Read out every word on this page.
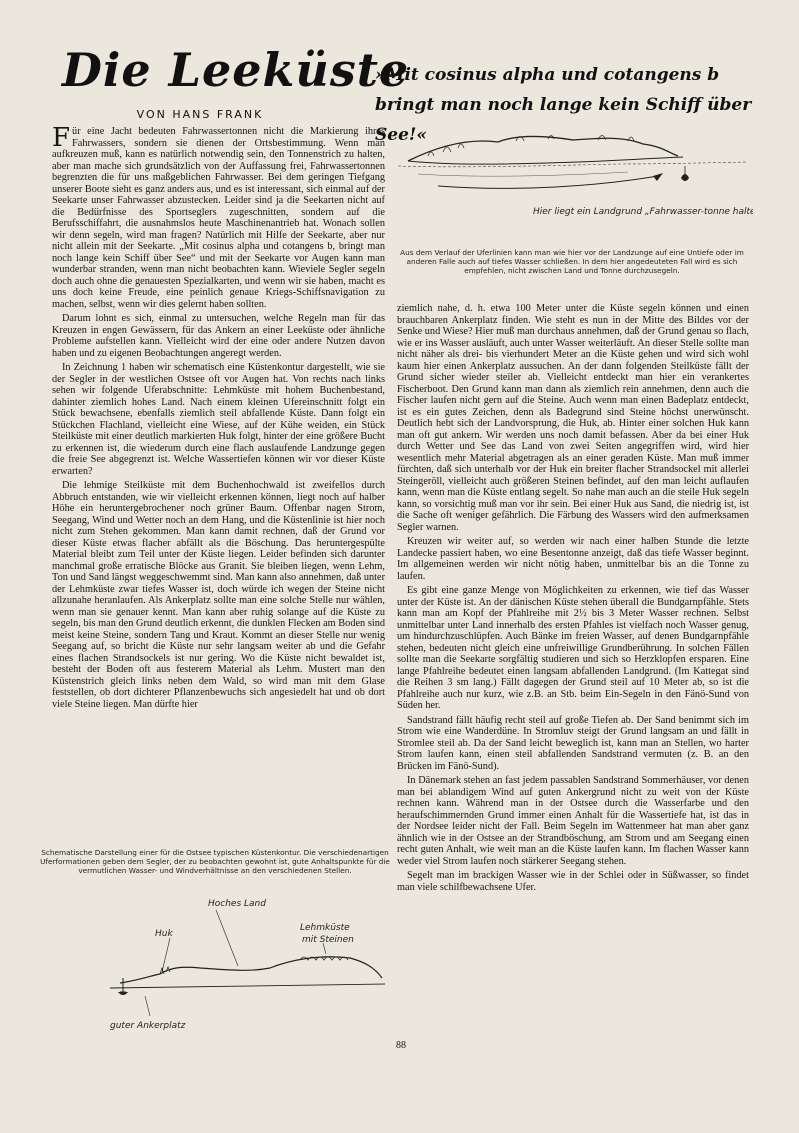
Die Leeküste
»Mit cosinus alpha und cotangens b bringt man noch lange kein Schiff über See!«
VON HANS FRANK

Für eine Jacht bedeuten Fahrwassertonnen nicht die Markierung ihres Fahrwassers, sondern sie dienen der Ortsbestimmung. Wenn man aufkreuzen muß, kann es natürlich notwendig sein, den Tonnenstrich zu halten, aber man mache sich grundsätzlich von der Auffassung frei, Fahrwassertonnen begrenzten die für uns maßgeblichen Fahrwasser. Bei dem geringen Tiefgang unserer Boote sieht es ganz anders aus, und es ist interessant, sich einmal auf der Seekarte unser Fahrwasser abzustecken. Leider sind ja die Seekarten nicht auf die Bedürfnisse des Sportseglers zugeschnitten, sondern auf die Berufsschiffahrt, die ausnahmslos heute Maschinenantrieb hat. Wonach sollen wir denn segeln, wird man fragen? Natürlich mit Hilfe der Seekarte, aber nur nicht allein mit der Seekarte. „Mit cosinus alpha und cotangens b, bringt man noch lange kein Schiff über See“ und mit der Seekarte vor Augen kann man wunderbar stranden, wenn man nicht beobachten kann. Wieviele Segler segeln doch auch ohne die genauesten Spezialkarten, und wenn wir sie haben, macht es uns doch keine Freude, eine peinlich genaue Kriegs-Schiffsnavigation zu machen, selbst, wenn wir dies gelernt haben sollten.

Darum lohnt es sich, einmal zu untersuchen, welche Regeln man für das Kreuzen in engen Gewässern, für das Ankern an einer Leeküste oder ähnliche Probleme aufstellen kann. Vielleicht wird der eine oder andere Nutzen davon haben und zu eigenen Beobachtungen angeregt werden.

In Zeichnung 1 haben wir schematisch eine Küstenkontur dargestellt, wie sie der Segler in der westlichen Ostsee oft vor Augen hat. Von rechts nach links sehen wir folgende Uferabschnitte: Lehmküste mit hohem Buchenbestand, dahinter ziemlich hohes Land. Nach einem kleinen Ufereinschnitt folgt ein Stück bewachsene, ebenfalls ziemlich steil abfallende Küste. Dann folgt ein Stückchen Flachland, vielleicht eine Wiese, auf der Kühe weiden, ein Stück Steilküste mit einer deutlich markierten Huk folgt, hinter der eine größere Bucht zu erkennen ist, die wiederum durch eine flach auslaufende Landzunge gegen die freie See abgegrenzt ist. Welche Wassertiefen können wir vor dieser Küste erwarten?

Die lehmige Steilküste mit dem Buchenhochwald ist zweifellos durch Abbruch entstanden, wie wir vielleicht erkennen können, liegt noch auf halber Höhe ein heruntergebrochener noch grüner Baum. Offenbar nagen Strom, Seegang, Wind und Wetter noch an dem Hang, und die Küstenlinie ist hier noch nicht zum Stehen gekommen. Man kann damit rechnen, daß der Grund vor dieser Küste etwas flacher abfällt als die Böschung. Das heruntergespülte Material bleibt zum Teil unter der Küste liegen. Leider befinden sich darunter manchmal große erratische Blöcke aus Granit. Sie bleiben liegen, wenn Lehm, Ton und Sand längst weggeschwemmt sind. Man kann also annehmen, daß unter der Lehmküste zwar tiefes Wasser ist, doch würde ich wegen der Steine nicht allzunahe heranlaufen. Als Ankerplatz sollte man eine solche Stelle nur wählen, wenn man sie genauer kennt. Man kann aber ruhig solange auf die Küste zu segeln, bis man den Grund deutlich erkennt, die dunklen Flecken am Boden sind meist keine Steine, sondern Tang und Kraut. Kommt an dieser Stelle nur wenig Seegang auf, so bricht die Küste nur sehr langsam weiter ab und die Gefahr eines flachen Strandsockels ist nur gering. Wo die Küste nicht bewaldet ist, besteht der Boden oft aus festerem Material als Lehm. Mustert man den Küstenstrich gleich links neben dem Wald, so wird man mit dem Glase feststellen, ob dort dichterer Pflanzenbewuchs sich angesiedelt hat und ob dort viele Steine liegen. Man dürfte hier

Hier liegt ein Landgrund „Fahrwasser-tonne halten!
Aus dem Verlauf der Uferlinien kann man wie hier vor der Landzunge auf eine Untiefe oder im anderen Falle auch auf tiefes Wasser schließen. In dem hier angedeuteten Fall wird es sich empfehlen, nicht zwischen Land und Tonne durchzusegeln.

ziemlich nahe, d. h. etwa 100 Meter unter die Küste segeln können und einen brauchbaren Ankerplatz finden. Wie steht es nun in der Mitte des Bildes vor der Senke und Wiese? Hier muß man durchaus annehmen, daß der Grund genau so flach, wie er ins Wasser ausläuft, auch unter Wasser weiterläuft. An dieser Stelle sollte man nicht näher als drei- bis vierhundert Meter an die Küste gehen und wird sich wohl kaum hier einen Ankerplatz aussuchen. An der dann folgenden Steilküste fällt der Grund sicher wieder steiler ab. Vielleicht entdeckt man hier ein verankertes Fischerboot. Den Grund kann man dann als ziemlich rein annehmen, denn auch die Fischer laufen nicht gern auf die Steine. Auch wenn man einen Badeplatz entdeckt, ist es ein gutes Zeichen, denn als Badegrund sind Steine höchst unerwünscht. Deutlich hebt sich der Landvorsprung, die Huk, ab. Hinter einer solchen Huk kann man oft gut ankern. Wir werden uns noch damit befassen. Aber da bei einer Huk durch Wetter und See das Land von zwei Seiten angegriffen wird, wird hier wesentlich mehr Material abgetragen als an einer geraden Küste. Man muß immer fürchten, daß sich unterhalb vor der Huk ein breiter flacher Strandsockel mit allerlei Steingeröll, vielleicht auch größeren Steinen befindet, auf den man leicht auflaufen kann, wenn man die Küste entlang segelt. So nahe man auch an die steile Huk segeln kann, so vorsichtig muß man vor ihr sein. Bei einer Huk aus Sand, die niedrig ist, ist die Sache oft weniger gefährlich. Die Färbung des Wassers wird den aufmerksamen Segler warnen.

Kreuzen wir weiter auf, so werden wir nach einer halben Stunde die letzte Landecke passiert haben, wo eine Besentonne anzeigt, daß das tiefe Wasser beginnt. Im allgemeinen werden wir nicht nötig haben, unmittelbar bis an die Tonne zu laufen.

Es gibt eine ganze Menge von Möglichkeiten zu erkennen, wie tief das Wasser unter der Küste ist. An der dänischen Küste stehen überall die Bundgarnpfähle. Stets kann man am Kopf der Pfahlreihe mit 2½ bis 3 Meter Wasser rechnen. Selbst unmittelbar unter Land innerhalb des ersten Pfahles ist vielfach noch Wasser genug, um hindurchzuschlüpfen. Auch Bänke im freien Wasser, auf denen Bundgarnpfähle stehen, bedeuten nicht gleich eine unfreiwillige Grundberührung. In solchen Fällen sollte man die Seekarte sorgfältig studieren und sich so Herzklopfen ersparen. Eine lange Pfahlreihe bedeutet einen langsam abfallenden Landgrund. (Im Kattegat sind die Reihen 3 sm lang.) Fällt dagegen der Grund steil auf 10 Meter ab, so ist die Pfahlreihe auch nur kurz, wie z.B. an Stb. beim Ein-Segeln in den Fänö-Sund von Süden her.

Sandstrand fällt häufig recht steil auf große Tiefen ab. Der Sand benimmt sich im Strom wie eine Wanderdüne. In Stromluv steigt der Grund langsam an und fällt in Stromlee steil ab. Da der Sand leicht beweglich ist, kann man an Stellen, wo harter Strom laufen kann, einen steil abfallenden Sandstrand vermuten (z. B. an den Brücken im Fänö-Sund).

In Dänemark stehen an fast jedem passablen Sandstrand Sommerhäuser, vor denen man bei ablandigem Wind auf guten Ankergrund nicht zu weit von der Küste rechnen kann. Während man in der Ostsee durch die Wasserfarbe und den heraufschimmernden Grund immer einen Anhalt für die Wassertiefe hat, ist das in der Nordsee leider nicht der Fall. Beim Segeln im Wattenmeer hat man aber ganz ähnlich wie in der Ostsee an der Strandböschung, am Strom und am Seegang einen recht guten Anhalt, wie weit man an die Küste laufen kann. Im flachen Wasser kann weder viel Strom laufen noch stärkerer Seegang stehen.

Segelt man im brackigen Wasser wie in der Schlei oder in Süßwasser, so findet man viele schilfbewachsene Ufer.

Schematische Darstellung einer für die Ostsee typischen Küstenkontur. Die verschiedenartigen Uferformationen geben dem Segler, der zu beobachten gewohnt ist, gute Anhaltspunkte für die vermutlichen Wasser- und Windverhältnisse an den verschiedenen Stellen.
Hoches Land
Huk
Lehmküste
mit Steinen
guter Ankerplatz
88
